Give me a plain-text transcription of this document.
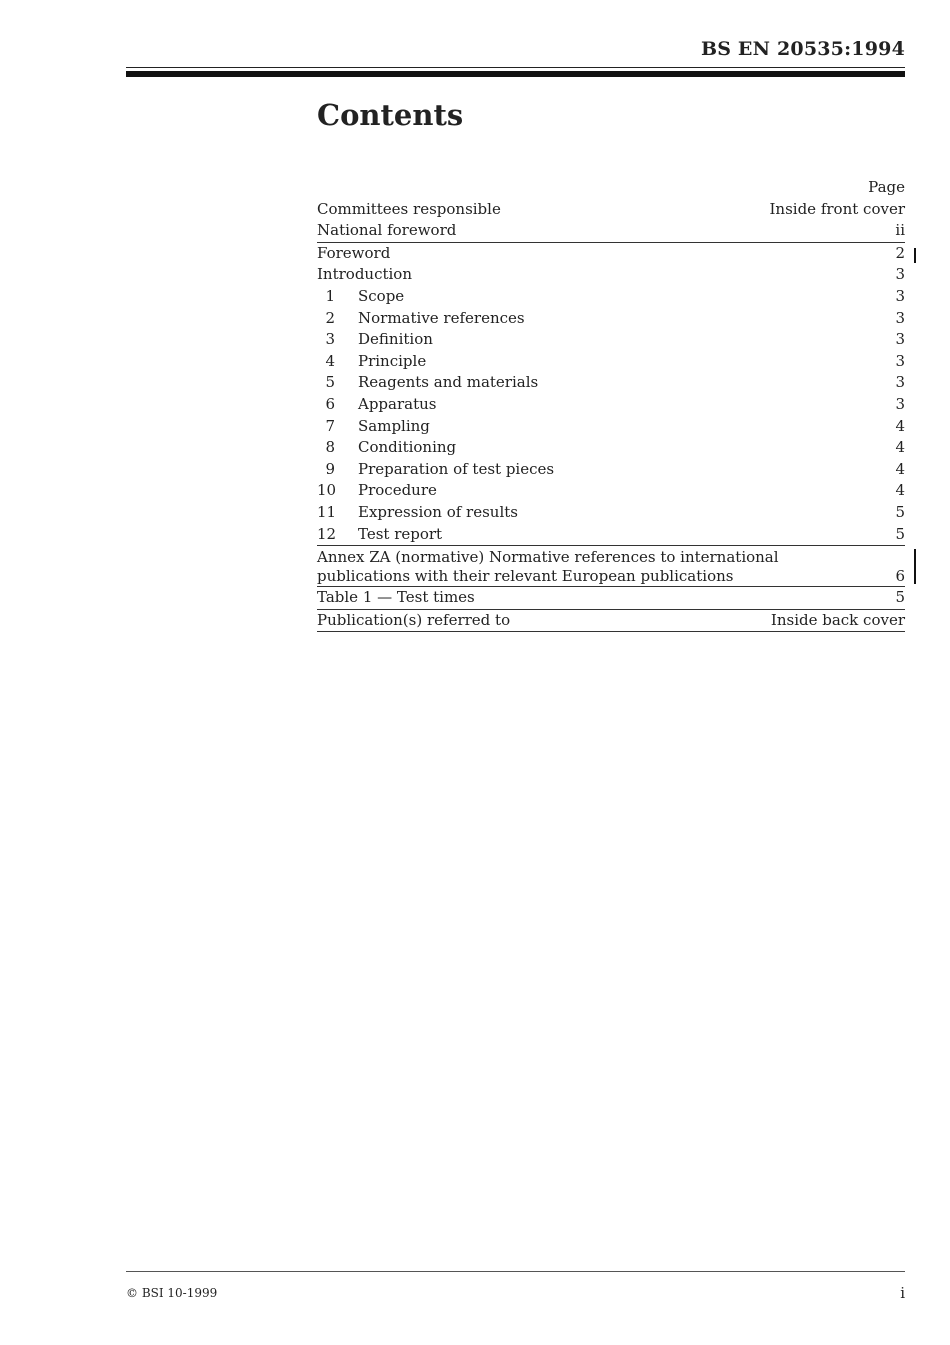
BS EN 20535:1994
Contents
Page
Committees responsible	Inside front cover
National foreword	ii
Foreword	2
Introduction	3
1 Scope	3
2 Normative references	3
3 Definition	3
4 Principle	3
5 Reagents and materials	3
6 Apparatus	3
7 Sampling	4
8 Conditioning	4
9 Preparation of test pieces	4
10 Procedure	4
11 Expression of results	5
12 Test report	5
Annex ZA (normative) Normative references to international publications with their relevant European publications	6
Table 1 — Test times	5
Publication(s) referred to	Inside back cover
© BSI 10-1999	i
